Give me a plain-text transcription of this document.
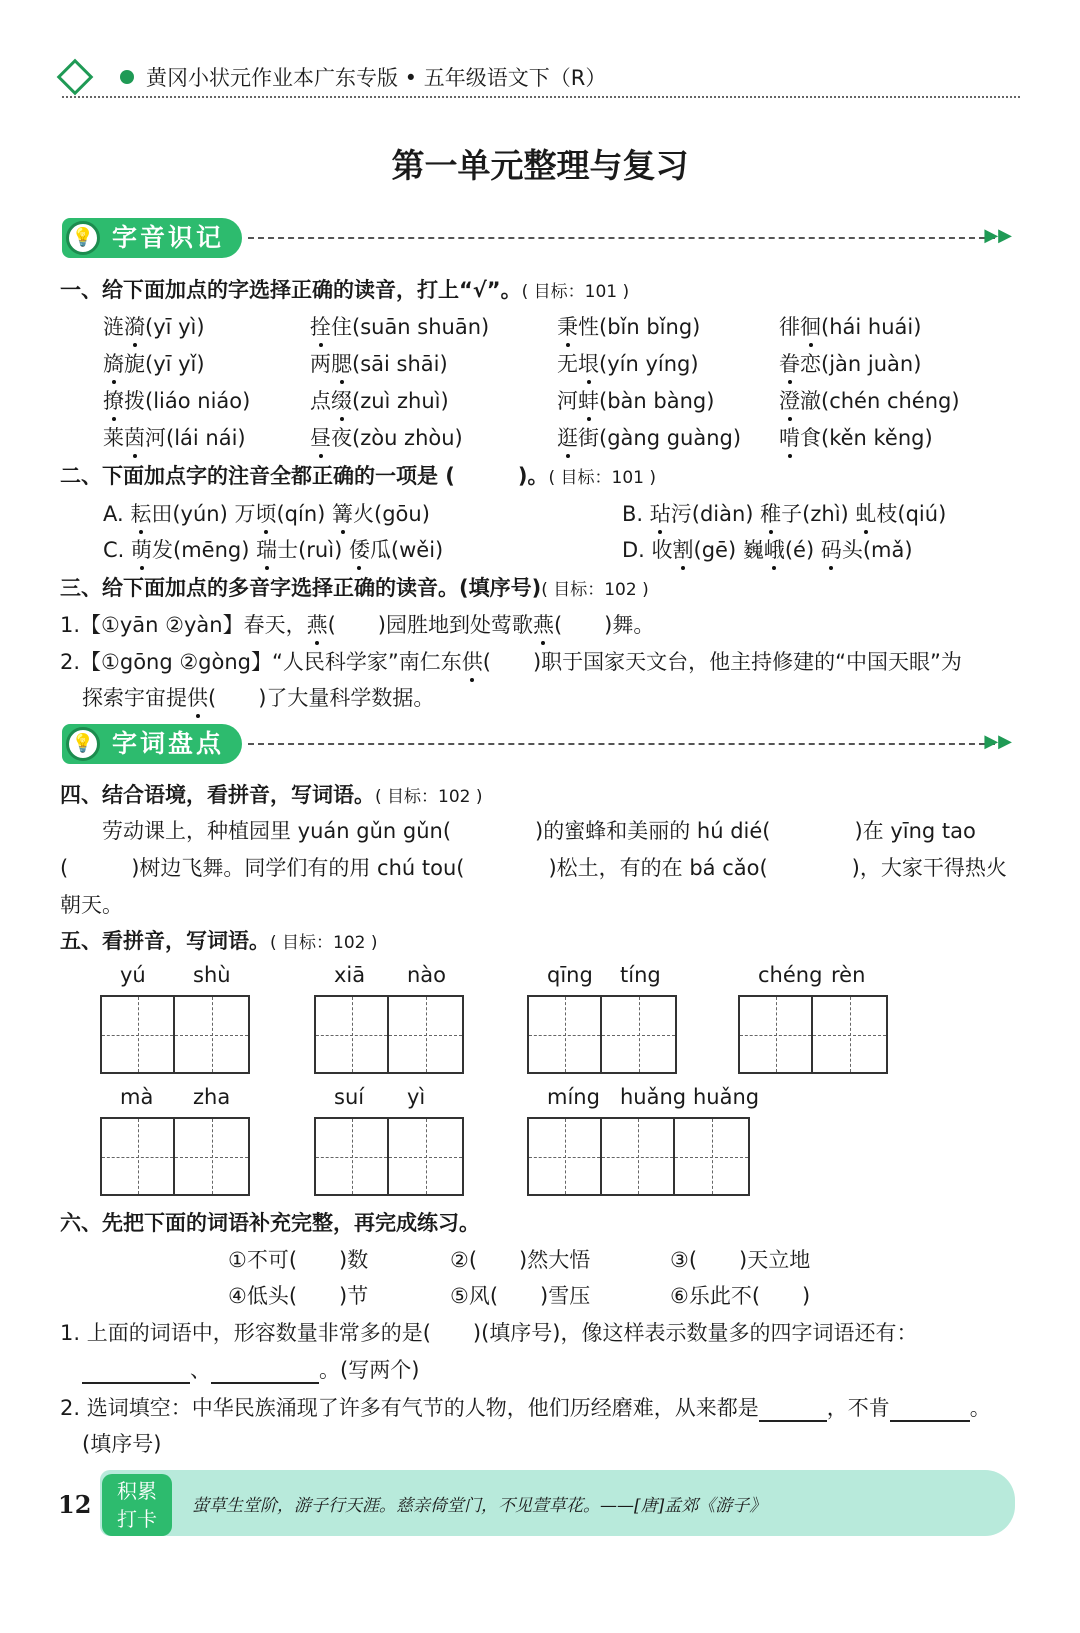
黄冈小状元作业本广东专版 • 五年级语文下（R）
第一单元整理与复习
💡 字音识记	▶▶
一、给下面加点的字选择正确的读音，打上“√”。( 目标：101 )
二、下面加点字的注音全都正确的一项是 (　　　)。( 目标：101 )
三、给下面加点的多音字选择正确的读音。(填序号)( 目标：102 )
1.【①yān ②yàn】春天，燕(　　)园胜地到处莺歌燕(　　)舞。
2.【①gōng ②gòng】“人民科学家”南仁东供(　　)职于国家天文台，他主持修建的“中国天眼”为
探索宇宙提供(　　)了大量科学数据。
💡 字词盘点	▶▶
四、结合语境，看拼音，写词语。( 目标：102 )
劳动课上，种植园里 yuán gǔn gǔn(　　　　)的蜜蜂和美丽的 hú dié(　　　　)在 yīng tao
(　　　)树边飞舞。同学们有的用 chú tou(　　　　)松土，有的在 bá cǎo(　　　　)，大家干得热火
朝天。
五、看拼音，写词语。( 目标：102 )
六、先把下面的词语补充完整，再完成练习。
1. 上面的词语中，形容数量非常多的是(　　)(填序号)，像这样表示数量多的四字词语还有：
、	。(写两个)
2. 选词填空：中华民族涌现了许多有气节的人物，他们历经磨难，从来都是	，不肯	。
(填序号)
12	积累
打卡
萤草生堂阶，游子行天涯。慈亲倚堂门，不见萱草花。——[唐]孟郊《游子》
涟漪(yī yì)	拴住(suān shuān)	秉性(bǐn bǐng)	徘徊(hái huái)
旖旎(yī yǐ)	两腮(sāi shāi)	无垠(yín yíng)	眷恋(jàn juàn)
撩拨(liáo niáo)	点缀(zuì zhuì)	河蚌(bàn bàng)	澄澈(chén chéng)
莱茵河(lái nái)	昼夜(zòu zhòu)	逛街(gàng guàng) 啃食(kěn kěng)
A. 耘田(yún) 万顷(qín) 篝火(gōu)	B. 玷污(diàn) 稚子(zhì) 虬枝(qiú)
C. 萌发(mēng) 瑞士(ruì) 倭瓜(wěi)	D. 收割(gē) 巍峨(é) 码头(mǎ)
yú shù	xiā nào	qīng tíng	chéng rèn
mà zha	suí yì	míng huǎng huǎng
①不可(　　)数	②(　　)然大悟	③(　　)天立地
④低头(　　)节	⑤风(　　)雪压	⑥乐此不(　　)
